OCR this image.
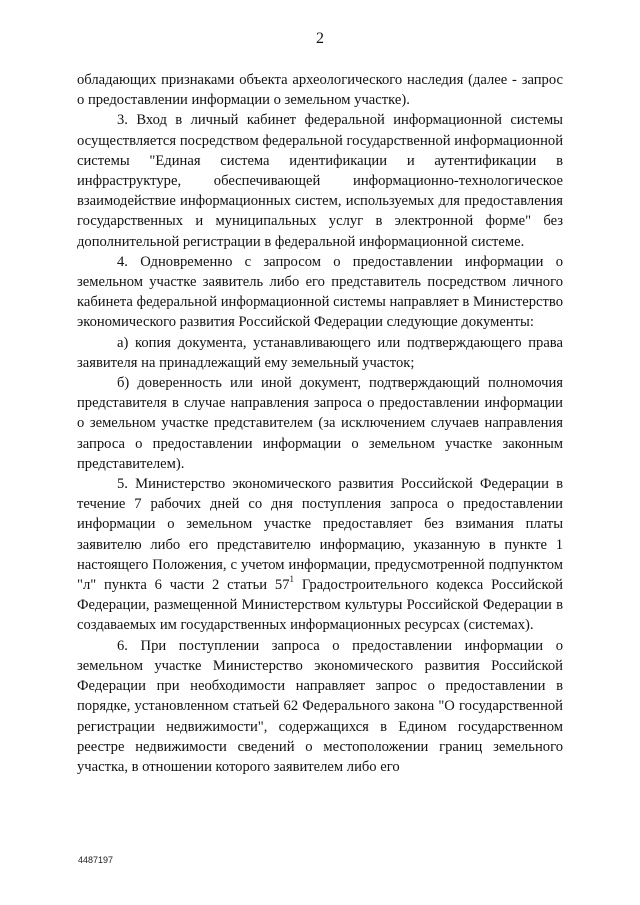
2

обладающих признаками объекта археологического наследия (далее - запрос о предоставлении информации о земельном участке).

3. Вход в личный кабинет федеральной информационной системы осуществляется посредством федеральной государственной информационной системы "Единая система идентификации и аутентификации в инфраструктуре, обеспечивающей информационно-технологическое взаимодействие информационных систем, используемых для предоставления государственных и муниципальных услуг в электронной форме" без дополнительной регистрации в федеральной информационной системе.

4. Одновременно с запросом о предоставлении информации о земельном участке заявитель либо его представитель посредством личного кабинета федеральной информационной системы направляет в Министерство экономического развития Российской Федерации следующие документы:

а) копия документа, устанавливающего или подтверждающего права заявителя на принадлежащий ему земельный участок;

б) доверенность или иной документ, подтверждающий полномочия представителя в случае направления запроса о предоставлении информации о земельном участке представителем (за исключением случаев направления запроса о предоставлении информации о земельном участке законным представителем).

5. Министерство экономического развития Российской Федерации в течение 7 рабочих дней со дня поступления запроса о предоставлении информации о земельном участке предоставляет без взимания платы заявителю либо его представителю информацию, указанную в пункте 1 настоящего Положения, с учетом информации, предусмотренной подпунктом "л" пункта 6 части 2 статьи $57^1$ Градостроительного кодекса Российской Федерации, размещенной Министерством культуры Российской Федерации в создаваемых им государственных информационных ресурсах (системах).

6. При поступлении запроса о предоставлении информации о земельном участке Министерство экономического развития Российской Федерации при необходимости направляет запрос о предоставлении в порядке, установленном статьей 62 Федерального закона "О государственной регистрации недвижимости", содержащихся в Едином государственном реестре недвижимости сведений о местоположении границ земельного участка, в отношении которого заявителем либо его

4487197
